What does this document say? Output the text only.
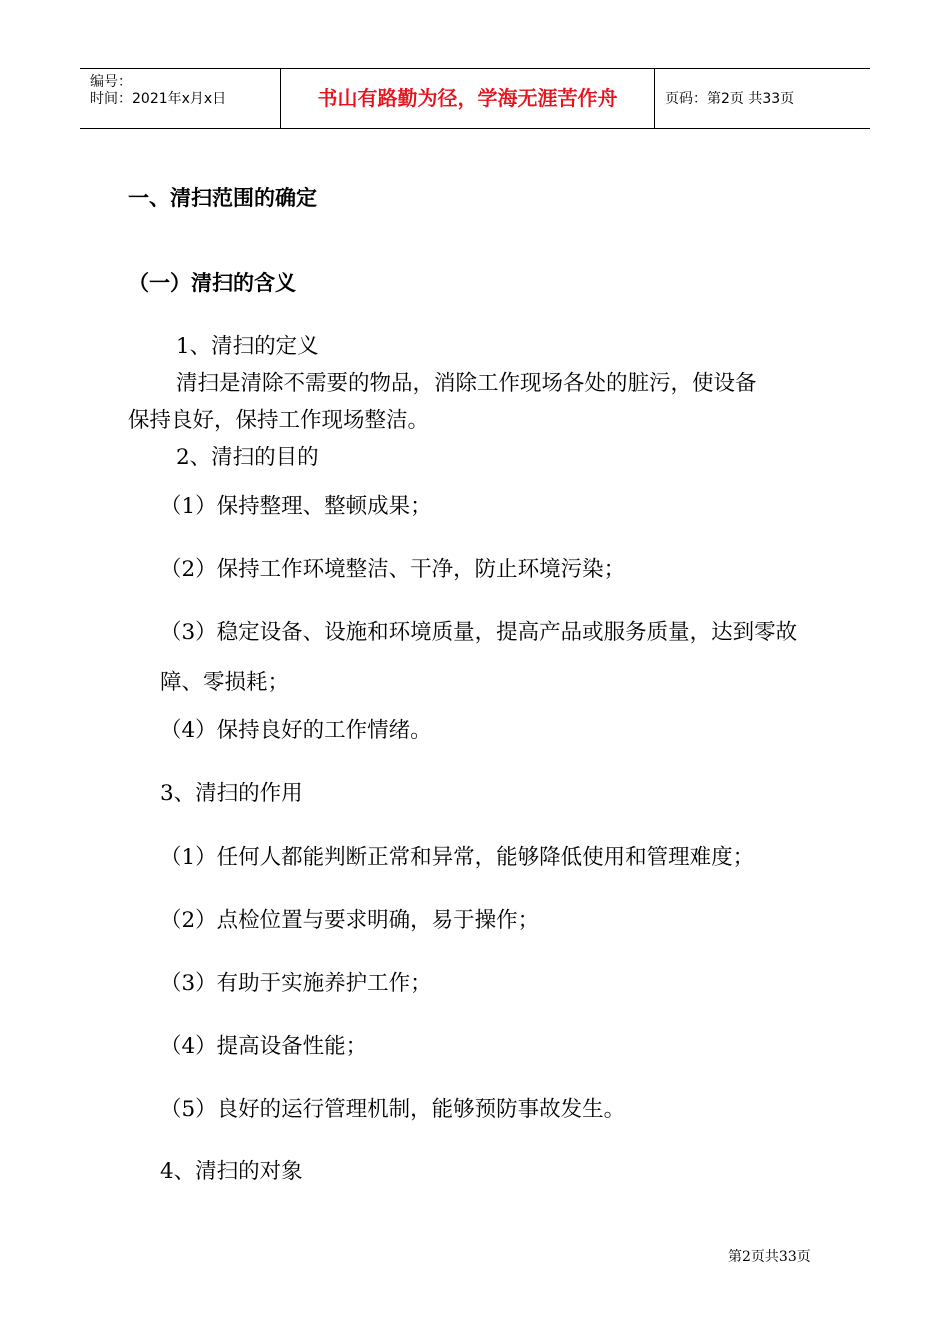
编号：
时间：2021年x月x日	书山有路勤为径，学海无涯苦作舟	页码：第2页 共33页
一、清扫范围的确定
（一）清扫的含义
1、清扫的定义
清扫是清除不需要的物品，消除工作现场各处的脏污，使设备
保持良好，保持工作现场整洁。
2、清扫的目的
（1）保持整理、整顿成果；
（2）保持工作环境整洁、干净，防止环境污染；
（3）稳定设备、设施和环境质量，提高产品或服务质量，达到零故
障、零损耗；
（4）保持良好的工作情绪。
3、清扫的作用
（1）任何人都能判断正常和异常，能够降低使用和管理难度；
（2）点检位置与要求明确，易于操作；
（3）有助于实施养护工作；
（4）提高设备性能；
（5）良好的运行管理机制，能够预防事故发生。
4、清扫的对象
第2页共33页
